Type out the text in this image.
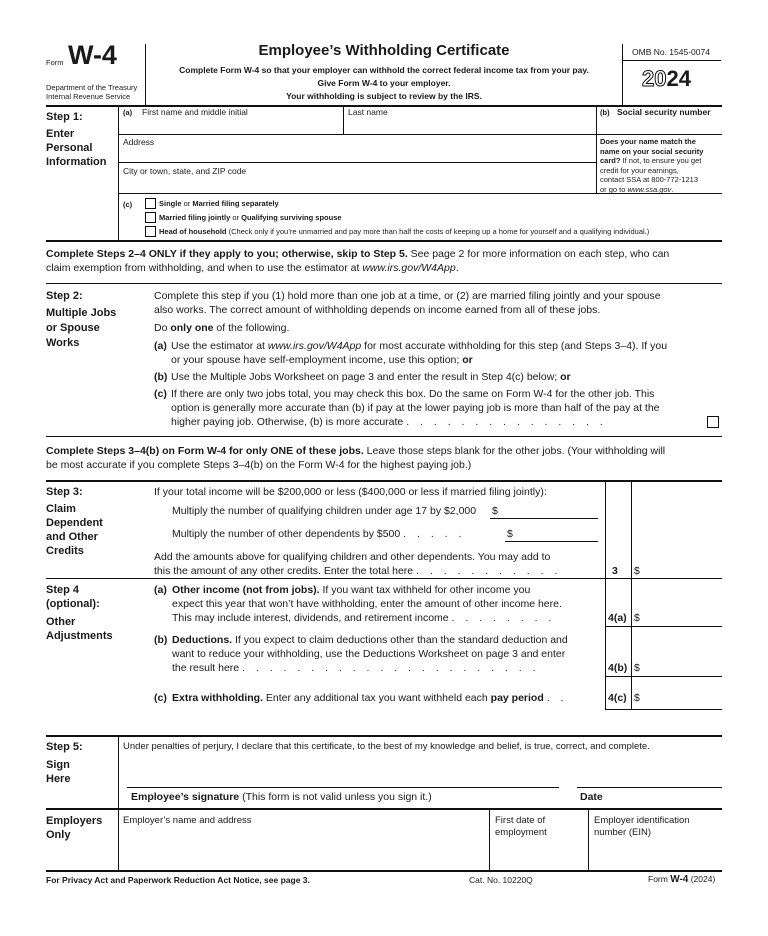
Form W-4
Department of the Treasury
Internal Revenue Service
Employee’s Withholding Certificate
Complete Form W-4 so that your employer can withhold the correct federal income tax from your pay.
Give Form W-4 to your employer.
Your withholding is subject to review by the IRS.
OMB No. 1545-0074
2024
Step 1:
Enter
Personal
Information
(a) First name and middle initial	Last name	(b) Social security number
Address
City or town, state, and ZIP code
Does your name match the
name on your social security
card? If not, to ensure you get
credit for your earnings,
contact SSA at 800-772-1213
or go to www.ssa.gov.
(c)	Single or Married filing separately
Married filing jointly or Qualifying surviving spouse
Head of household (Check only if you’re unmarried and pay more than half the costs of keeping up a home for yourself and a qualifying individual.)
Complete Steps 2–4 ONLY if they apply to you; otherwise, skip to Step 5. See page 2 for more information on each step, who can
claim exemption from withholding, and when to use the estimator at www.irs.gov/W4App.
Step 2:
Multiple Jobs
or Spouse
Works
Complete this step if you (1) hold more than one job at a time, or (2) are married filing jointly and your spouse
also works. The correct amount of withholding depends on income earned from all of these jobs.
Do only one of the following.
(a) Use the estimator at www.irs.gov/W4App for most accurate withholding for this step (and Steps 3–4). If you
or your spouse have self-employment income, use this option; or
(b) Use the Multiple Jobs Worksheet on page 3 and enter the result in Step 4(c) below; or
(c) If there are only two jobs total, you may check this box. Do the same on Form W-4 for the other job. This
option is generally more accurate than (b) if pay at the lower paying job is more than half of the pay at the
higher paying job. Otherwise, (b) is more accurate . . . . . . . . . . . . . . .
Complete Steps 3–4(b) on Form W-4 for only ONE of these jobs. Leave those steps blank for the other jobs. (Your withholding will
be most accurate if you complete Steps 3–4(b) on the Form W-4 for the highest paying job.)
Step 3:
Claim
Dependent
and Other
Credits
If your total income will be $200,000 or less ($400,000 or less if married filing jointly):
Multiply the number of qualifying children under age 17 by $2,000 $
Multiply the number of other dependents by $500 . . . . .	$
Add the amounts above for qualifying children and other dependents. You may add to
this the amount of any other credits. Enter the total here . . . . . . . . . . .	3 $
Step 4
(optional):
Other
Adjustments
(a) Other income (not from jobs). If you want tax withheld for other income you
expect this year that won’t have withholding, enter the amount of other income here.
This may include interest, dividends, and retirement income . . . . . . . .	4(a) $
(b) Deductions. If you expect to claim deductions other than the standard deduction and
want to reduce your withholding, use the Deductions Worksheet on page 3 and enter
the result here . . . . . . . . . . . . . . . . . . . . . .	4(b) $
(c) Extra withholding. Enter any additional tax you want withheld each pay period . .	4(c) $
Step 5:
Sign
Here
Under penalties of perjury, I declare that this certificate, to the best of my knowledge and belief, is true, correct, and complete.
Employee’s signature (This form is not valid unless you sign it.)	Date
Employers
Only
Employer’s name and address	First date of
employment
Employer identification
number (EIN)
For Privacy Act and Paperwork Reduction Act Notice, see page 3.	Cat. No. 10220Q	Form W-4 (2024)
